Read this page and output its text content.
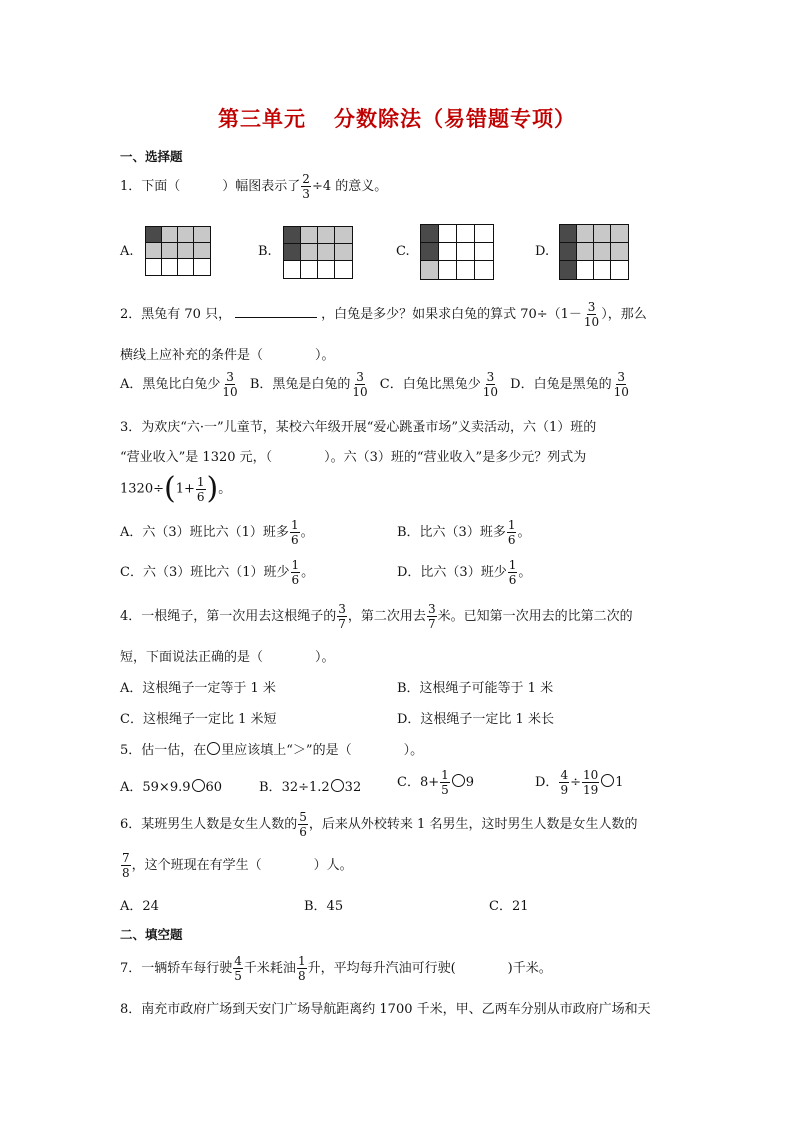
第三单元 分数除法（易错题专项）
一、选择题
1．下面（	）幅图表示了 $\frac{2}{3} \div 4$ 的意义。
A.	B.	C.	D.
2．黑兔有 70 只，	，白兔是多少？如果求白兔的算式 $70\div(1- \frac{3}{10}$ ），那么
横线上应补充的条件是（　　　　）。
A．黑兔比白兔少 $\frac{3}{10}$ B．黑兔是白兔的 $\frac{3}{10}$ C．白兔比黑兔少 $\frac{3}{10}$ D．白兔是黑兔的 $\frac{3}{10}$
3．为欢庆“六·一”儿童节，某校六年级开展“爱心跳蚤市场”义卖活动，六（1）班的
“营业收入”是 1320 元，（　　　　）。六（3）班的“营业收入”是多少元？列式为
$1320\div(1+ \frac{1}{6}$ )。
A．六（3）班比六（1）班多 $\frac{1}{6}$ 。	B．比六（3）班多 $\frac{1}{6}$ 。
C．六（3）班比六（1）班少 $\frac{1}{6}$ 。	D．比六（3）班少 $\frac{1}{6}$ 。
4．一根绳子，第一次用去这根绳子的 $\frac{3}{7}$ ，第二次用去 $\frac{3}{7}$ 米。已知第一次用去的比第二次的
短，下面说法正确的是（　　　　）。
A．这根绳子一定等于 1 米	B．这根绳子可能等于 1 米
C．这根绳子一定比 1 米短	D．这根绳子一定比 1 米长
5．估一估，在 里应该填上“＞”的是（　　　　）。
A．59×9.9 60	B．32÷1.2 32	C．$8+ \frac{1}{5} 9$	D． $\frac{4}{9} \div \frac{10}{19} 1$
6．某班男生人数是女生人数的 $\frac{5}{6}$ ，后来从外校转来 1 名男生，这时男生人数是女生人数的
$\frac{7}{8}$ ，这个班现在有学生（　　　　）人。
A．24	B．45	C．21
二、填空题
7．一辆轿车每行驶 $\frac{4}{5}$ 千米耗油 $\frac{1}{8}$ 升，平均每升汽油可行驶(　　　　)千米。
8．南充市政府广场到天安门广场导航距离约 1700 千米，甲、乙两车分别从市政府广场和天
